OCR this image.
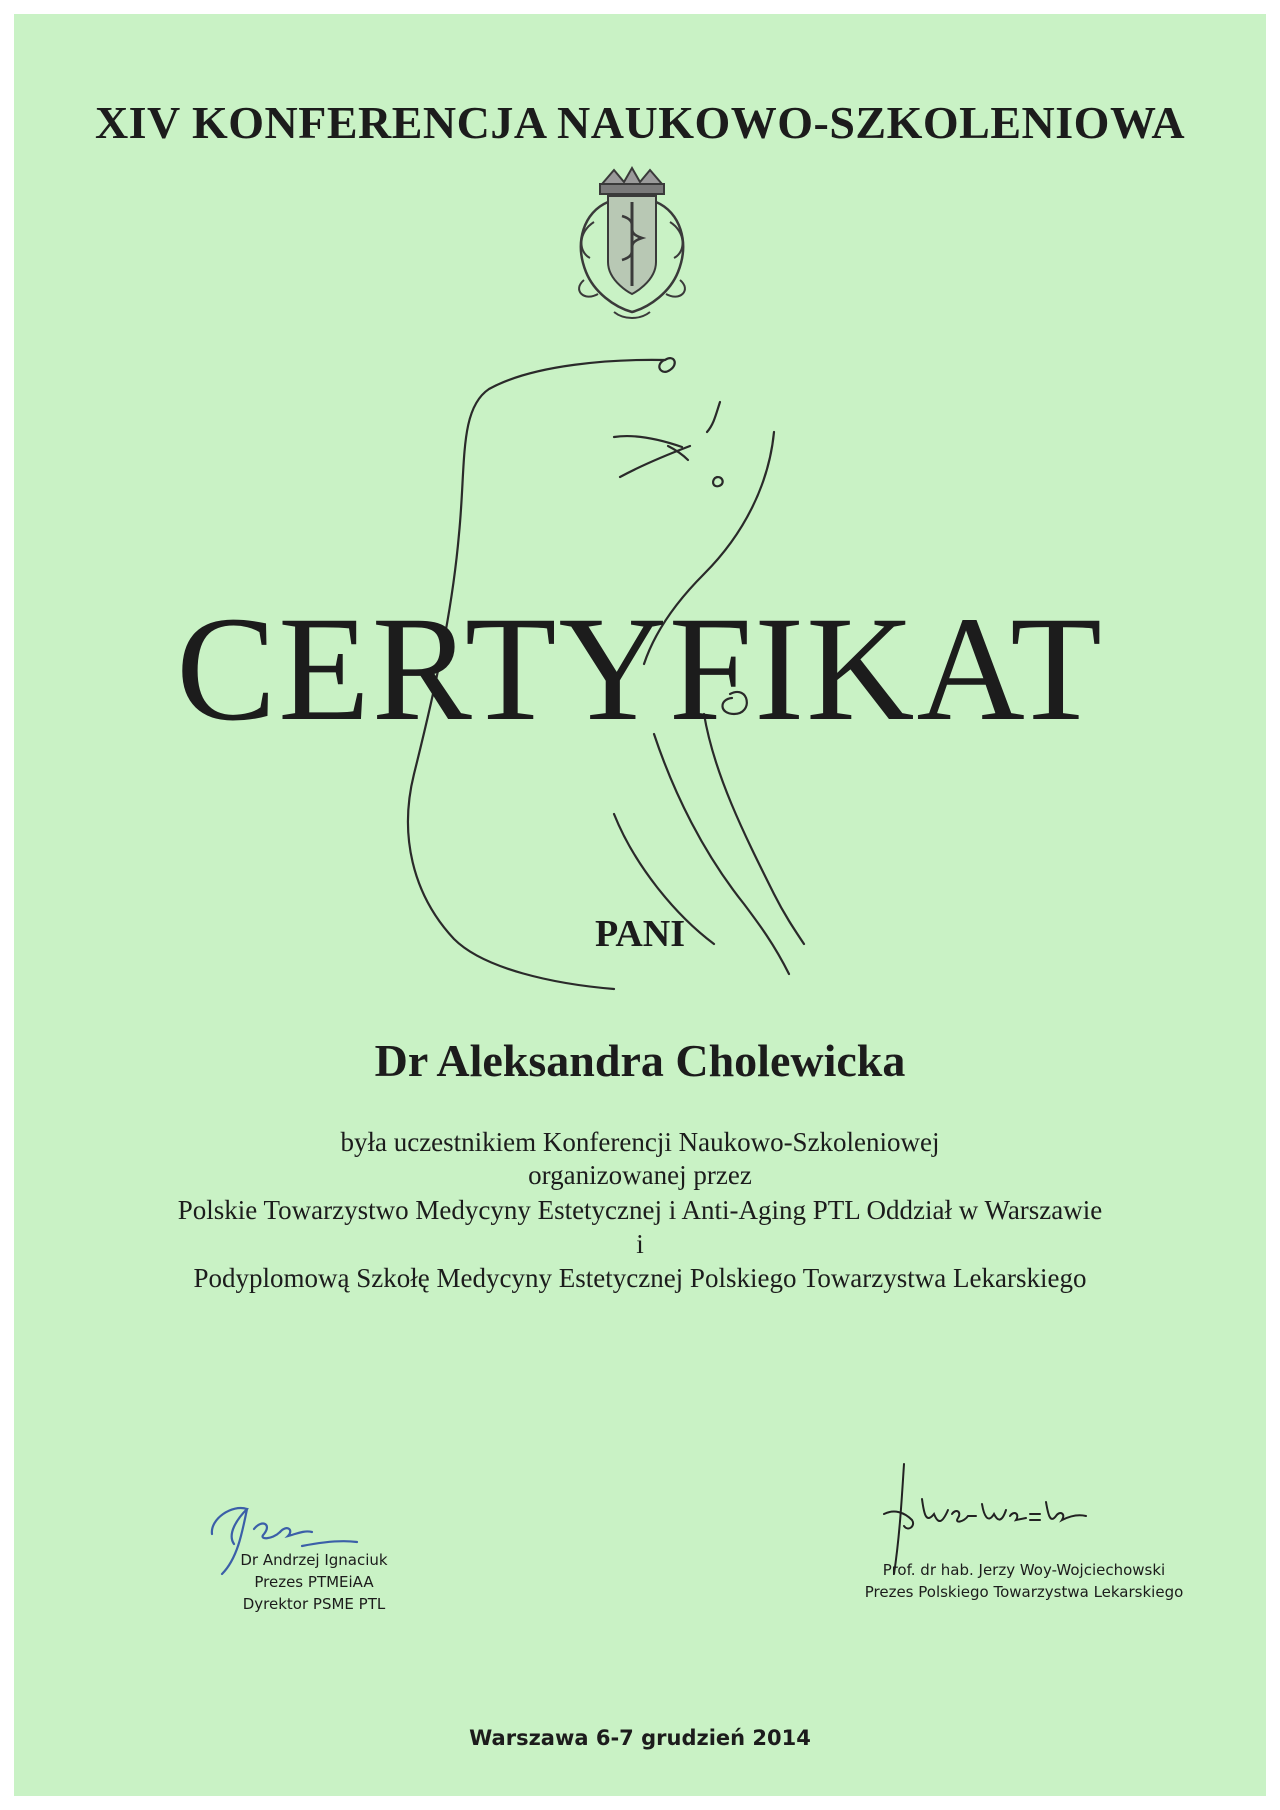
XIV KONFERENCJA NAUKOWO-SZKOLENIOWA
CERTYFIKAT
PANI
Dr Aleksandra Cholewicka
była uczestnikiem Konferencji Naukowo-Szkoleniowej
organizowanej przez
Polskie Towarzystwo Medycyny Estetycznej i Anti-Aging PTL Oddział w Warszawie
i
Podyplomową Szkołę Medycyny Estetycznej Polskiego Towarzystwa Lekarskiego
Dr Andrzej Ignaciuk
Prezes PTMEiAA
Dyrektor PSME PTL
Prof. dr hab. Jerzy Woy-Wojciechowski
Prezes Polskiego Towarzystwa Lekarskiego
Warszawa 6-7 grudzień 2014
